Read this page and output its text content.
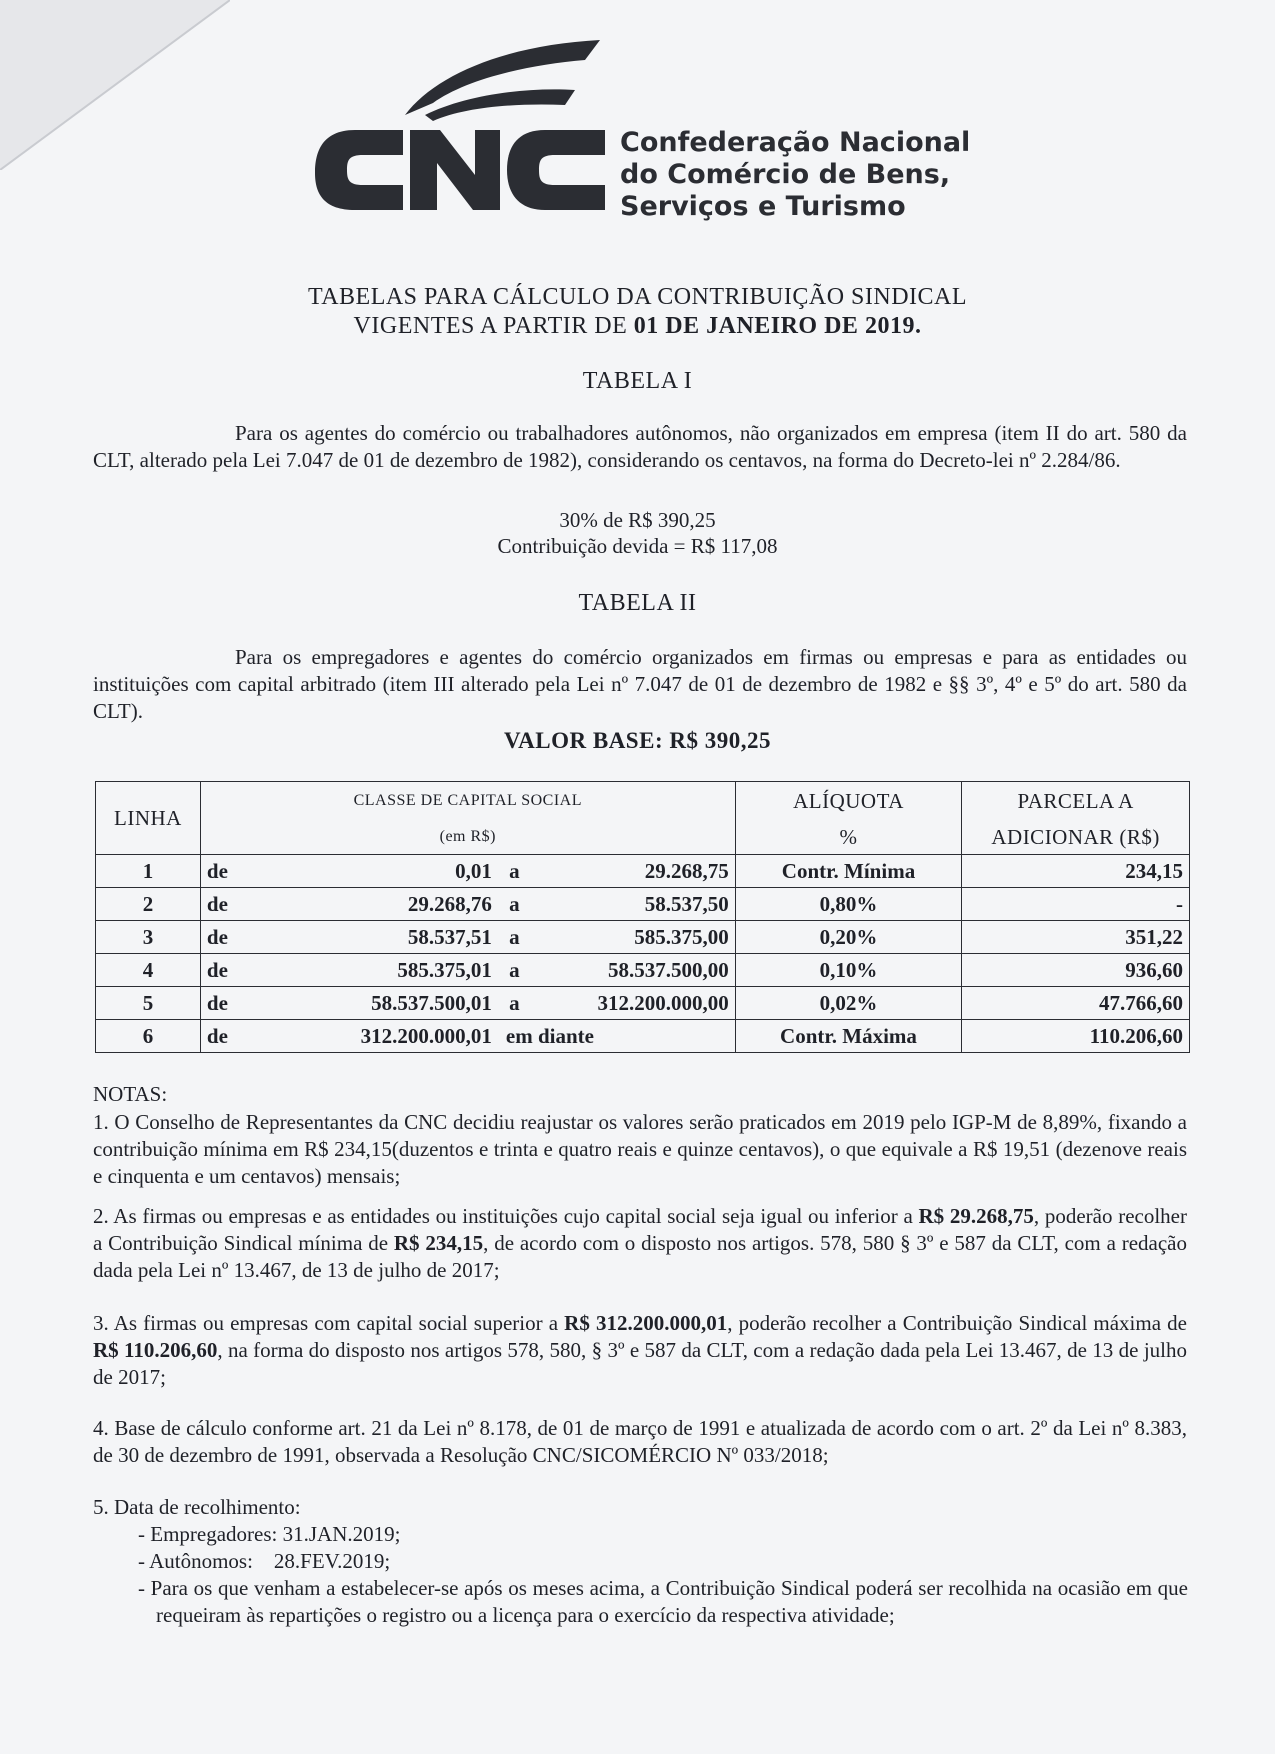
Confederação Nacional
do Comércio de Bens,
Serviços e Turismo
TABELAS PARA CÁLCULO DA CONTRIBUIÇÃO SINDICAL
VIGENTES A PARTIR DE 01 DE JANEIRO DE 2019.
TABELA I
Para os agentes do comércio ou trabalhadores autônomos, não organizados em empresa (item II do art. 580 da CLT, alterado pela Lei 7.047 de 01 de dezembro de 1982), considerando os centavos, na forma do Decreto-lei nº 2.284/86.
30% de R$ 390,25
Contribuição devida = R$ 117,08
TABELA II
Para os empregadores e agentes do comércio organizados em firmas ou empresas e para as entidades ou instituições com capital arbitrado (item III alterado pela Lei nº 7.047 de 01 de dezembro de 1982 e §§ 3º, 4º e 5º do art. 580 da CLT).
VALOR BASE: R$ 390,25
LINHA	CLASSE DE CAPITAL SOCIAL	ALÍQUOTA	PARCELA A
	(em R$)	%	ADICIONAR (R$)
1	de 0,01 a 29.268,75	Contr. Mínima	234,15
2	de 29.268,76 a 58.537,50	0,80%	-
3	de 58.537,51 a 585.375,00	0,20%	351,22
4	de 585.375,01 a 58.537.500,00	0,10%	936,60
5	de 58.537.500,01 a 312.200.000,00	0,02%	47.766,60
6	de 312.200.000,01 em diante	Contr. Máxima	110.206,60
NOTAS:
1. O Conselho de Representantes da CNC decidiu reajustar os valores serão praticados em 2019 pelo IGP-M de 8,89%, fixando a contribuição mínima em R$ 234,15(duzentos e trinta e quatro reais e quinze centavos), o que equivale a R$ 19,51 (dezenove reais e cinquenta e um centavos) mensais;
2. As firmas ou empresas e as entidades ou instituições cujo capital social seja igual ou inferior a R$ 29.268,75, poderão recolher a Contribuição Sindical mínima de R$ 234,15, de acordo com o disposto nos artigos. 578, 580 § 3º e 587 da CLT, com a redação dada pela Lei nº 13.467, de 13 de julho de 2017;
3. As firmas ou empresas com capital social superior a R$ 312.200.000,01, poderão recolher a Contribuição Sindical máxima de R$ 110.206,60, na forma do disposto nos artigos 578, 580, § 3º e 587 da CLT, com a redação dada pela Lei 13.467, de 13 de julho de 2017;
4. Base de cálculo conforme art. 21 da Lei nº 8.178, de 01 de março de 1991 e atualizada de acordo com o art. 2º da Lei nº 8.383, de 30 de dezembro de 1991, observada a Resolução CNC/SICOMÉRCIO Nº 033/2018;
5. Data de recolhimento:
- Empregadores: 31.JAN.2019;
- Autônomos:    28.FEV.2019;
- Para os que venham a estabelecer-se após os meses acima, a Contribuição Sindical poderá ser recolhida na ocasião em que requeiram às repartições o registro ou a licença para o exercício da respectiva atividade;
